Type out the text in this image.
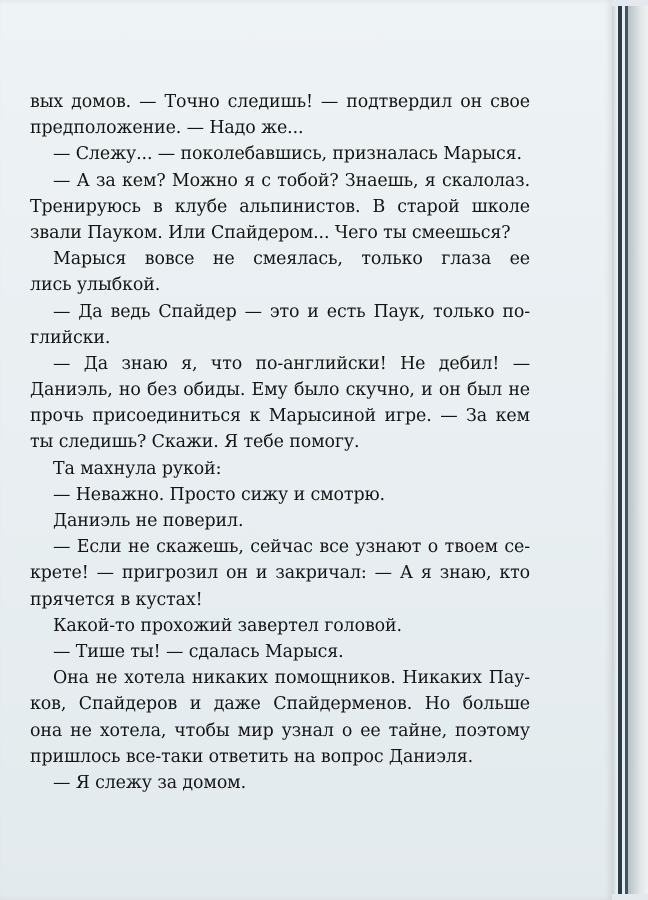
вых домов. — Точно следишь! — подтвердил он свое
предположение. — Надо же...
— Слежу... — поколебавшись, призналась Марыся.
— А за кем? Можно я с тобой? Знаешь, я скалолаз.
Тренируюсь в клубе альпинистов. В старой школе
звали Пауком. Или Спайдером... Чего ты смеешься?
Марыся вовсе не смеялась, только глаза ее
лись улыбкой.
— Да ведь Спайдер — это и есть Паук, только по-
глийски.
— Да знаю я, что по-английски! Не дебил! —
Даниэль, но без обиды. Ему было скучно, и он был не
прочь присоединиться к Марысиной игре. — За кем
ты следишь? Скажи. Я тебе помогу.
Та махнула рукой:
— Неважно. Просто сижу и смотрю.
Даниэль не поверил.
— Если не скажешь, сейчас все узнают о твоем се-
крете! — пригрозил он и закричал: — А я знаю, кто
прячется в кустах!
Какой-то прохожий завертел головой.
— Тише ты! — сдалась Марыся.
Она не хотела никаких помощников. Никаких Пау-
ков, Спайдеров и даже Спайдерменов. Но больше
она не хотела, чтобы мир узнал о ее тайне, поэтому
пришлось все-таки ответить на вопрос Даниэля.
— Я слежу за домом.
